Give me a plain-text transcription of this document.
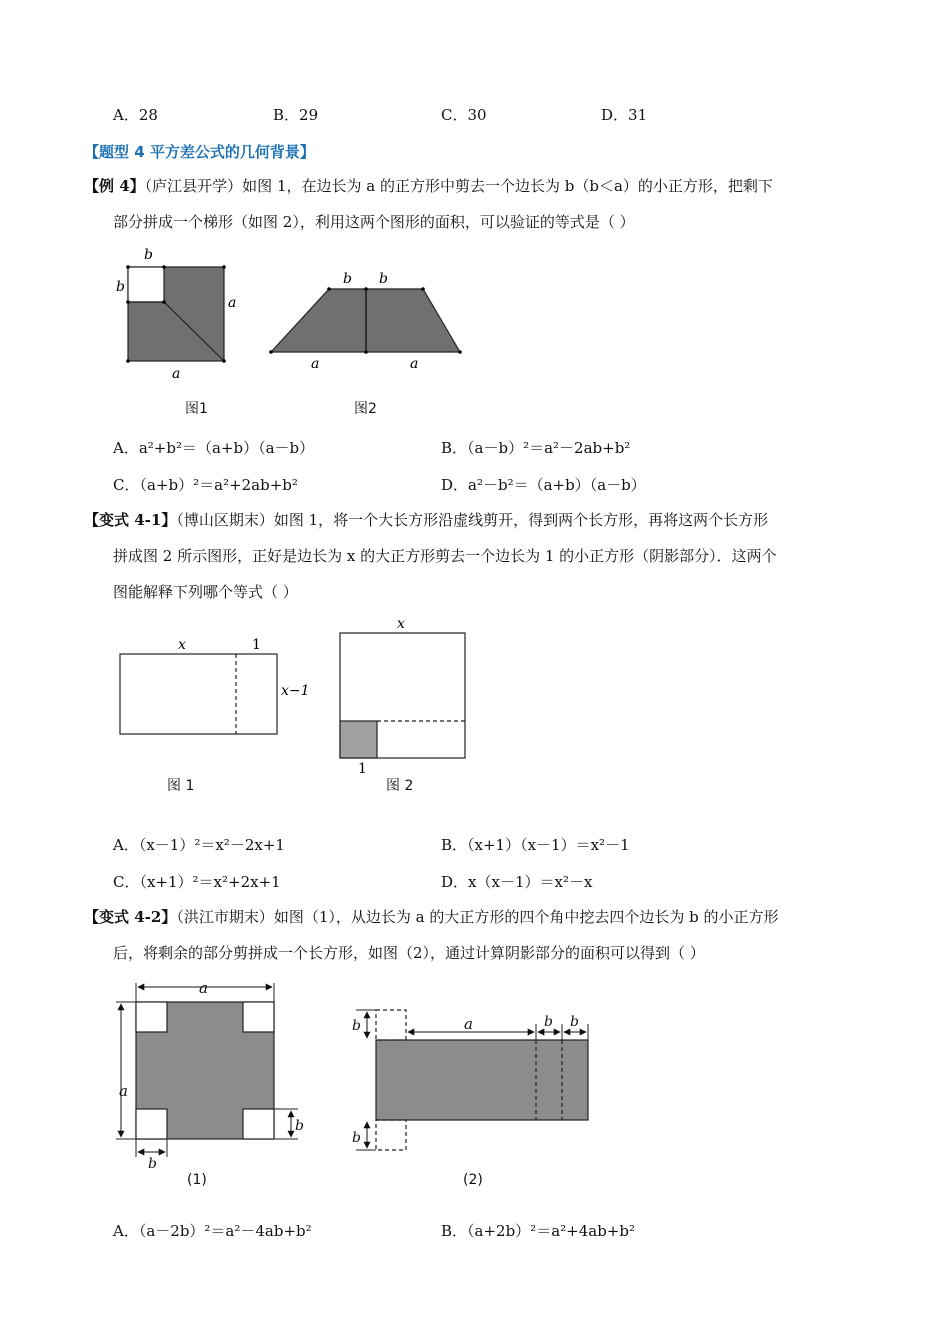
A．28	B．29	C．30	D．31
【题型 4 平方差公式的几何背景】
【例 4】（庐江县开学）如图 1，在边长为 a 的正方形中剪去一个边长为 b（b＜a）的小正方形，把剩下
部分拼成一个梯形（如图 2），利用这两个图形的面积，可以验证的等式是（ ）
b
b
a
a
图1
b b
a	a
图2
A．a²+b²＝（a+b）（a－b）	B．（a－b）²＝a²－2ab+b²
C．（a+b）²＝a²+2ab+b²	D．a²－b²＝（a+b）（a－b）
【变式 4-1】（博山区期末）如图 1，将一个大长方形沿虚线剪开，得到两个长方形，再将这两个长方形
拼成图 2 所示图形，正好是边长为 x 的大正方形剪去一个边长为 1 的小正方形（阴影部分）．这两个
图能解释下列哪个等式（ ）
x	1
x−1
图 1
x
1
图 2
A．（x－1）²＝x²－2x+1	B．（x+1）（x－1）＝x²－1
C．（x+1）²＝x²+2x+1	D．x（x－1）＝x²－x
【变式 4-2】（洪江市期末）如图（1），从边长为 a 的大正方形的四个角中挖去四个边长为 b 的小正方形
后，将剩余的部分剪拼成一个长方形，如图（2），通过计算阴影部分的面积可以得到（ ）
a
a
b
b
(1)
b	a	b b
b
(2)
A．（a－2b）²＝a²－4ab+b²	B．（a+2b）²＝a²+4ab+b²
